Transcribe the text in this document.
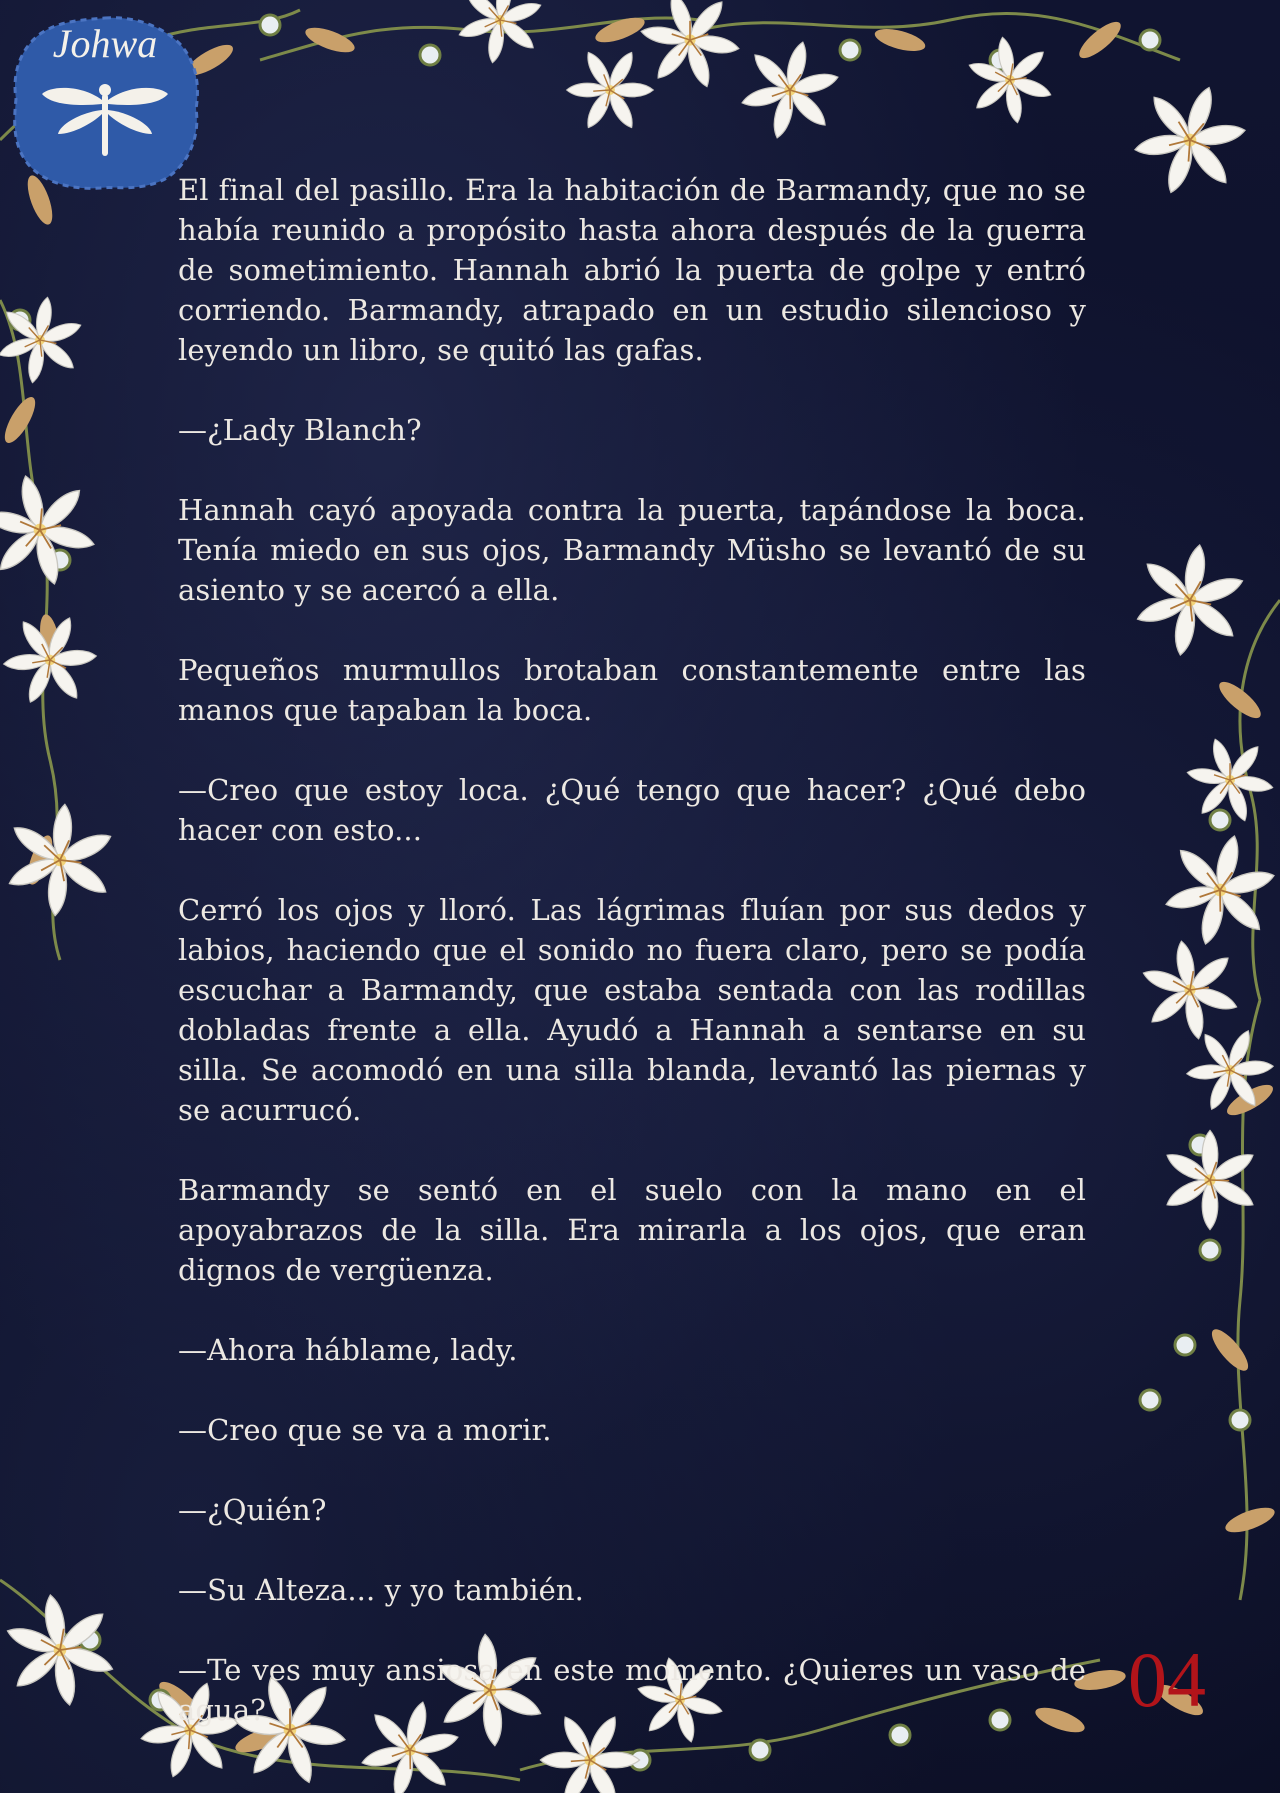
Johwa

El final del pasillo. Era la habitación de Barmandy, que no se había reunido a propósito hasta ahora después de la guerra de sometimiento. Hannah abrió la puerta de golpe y entró corriendo. Barmandy, atrapado en un estudio silencioso y leyendo un libro, se quitó las gafas.

—¿Lady Blanch?

Hannah cayó apoyada contra la puerta, tapándose la boca. Tenía miedo en sus ojos, Barmandy Müsho se levantó de su asiento y se acercó a ella.

Pequeños murmullos brotaban constantemente entre las manos que tapaban la boca.

—Creo que estoy loca. ¿Qué tengo que hacer? ¿Qué debo hacer con esto...

Cerró los ojos y lloró. Las lágrimas fluían por sus dedos y labios, haciendo que el sonido no fuera claro, pero se podía escuchar a Barmandy, que estaba sentada con las rodillas dobladas frente a ella. Ayudó a Hannah a sentarse en su silla. Se acomodó en una silla blanda, levantó las piernas y se acurrucó.

Barmandy se sentó en el suelo con la mano en el apoyabrazos de la silla. Era mirarla a los ojos, que eran dignos de vergüenza.

—Ahora háblame, lady.

—Creo que se va a morir.

—¿Quién?

—Su Alteza... y yo también.

—Te ves muy ansiosa en este momento. ¿Quieres un vaso de agua?	04
